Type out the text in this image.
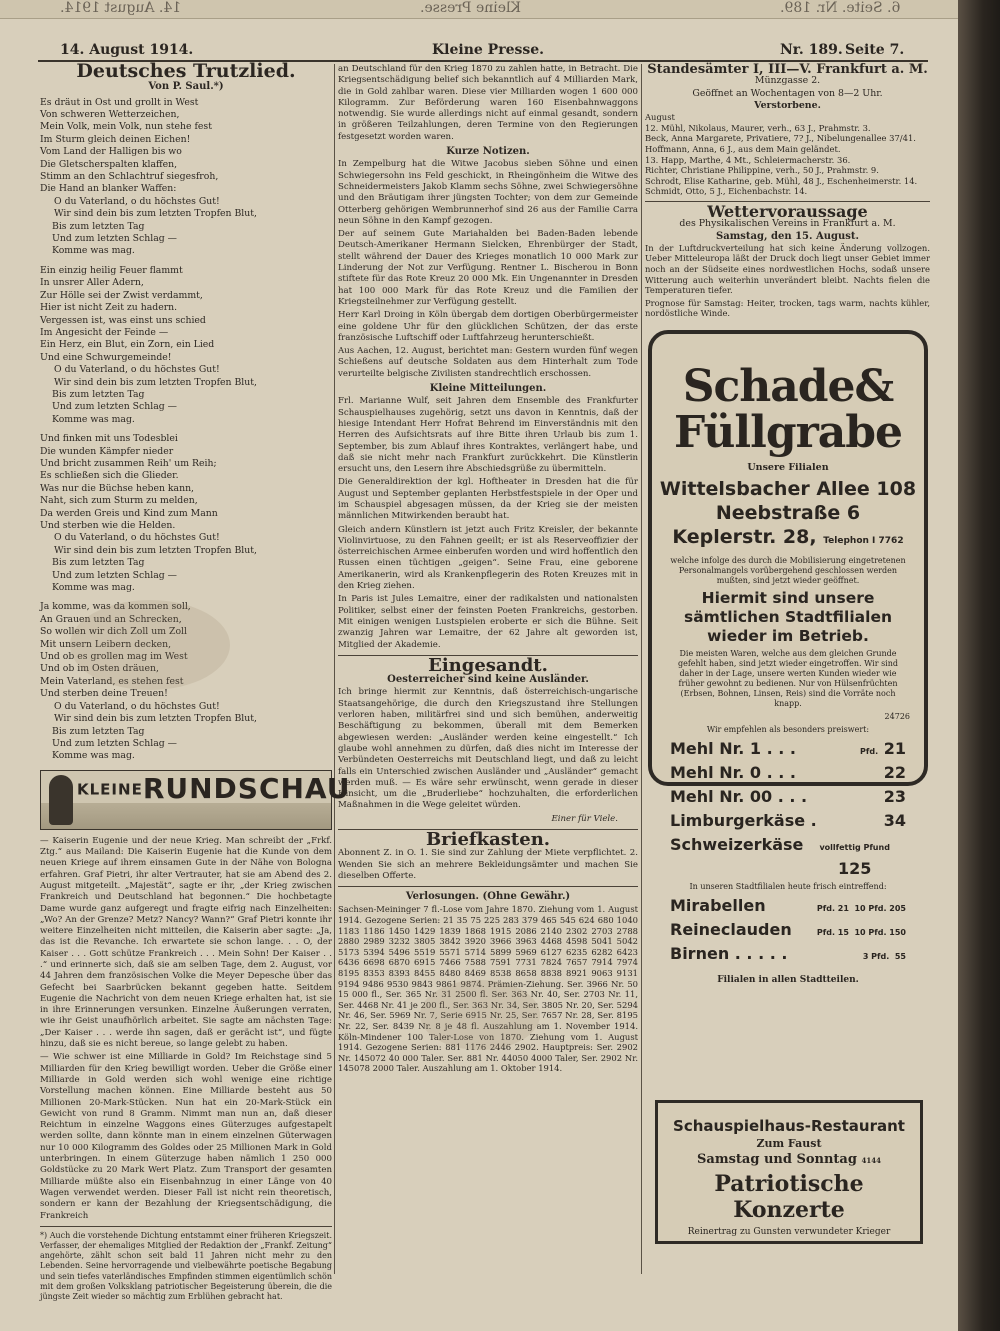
14. August 1914.	Kleine Presse.	6. Seite. Nr. 189.
14. August 1914.	Kleine Presse.	Nr. 189. Seite 7.
Deutsches Trutzlied.
Von P. Saul.*)
Es dräut in Ost und grollt in West
Von schweren Wetterzeichen,
Mein Volk, mein Volk, nun stehe fest
Im Sturm gleich deinen Eichen!
Vom Land der Halligen bis wo
Die Gletscherspalten klaffen,
Stimm an den Schlachtruf siegesfroh,
Die Hand an blanker Waffen:
O du Vaterland, o du höchstes Gut!
Wir sind dein bis zum letzten Tropfen Blut,
Bis zum letzten Tag
Und zum letzten Schlag —
Komme was mag.
Ein einzig heilig Feuer flammt
In unsrer Aller Adern,
Zur Hölle sei der Zwist verdammt,
Hier ist nicht Zeit zu hadern.
Vergessen ist, was einst uns schied
Im Angesicht der Feinde —
Ein Herz, ein Blut, ein Zorn, ein Lied
Und eine Schwurgemeinde!
O du Vaterland, o du höchstes Gut!
Wir sind dein bis zum letzten Tropfen Blut,
Bis zum letzten Tag
Und zum letzten Schlag —
Komme was mag.
Und finken mit uns Todesblei
Die wunden Kämpfer nieder
Und bricht zusammen Reih' um Reih;
Es schließen sich die Glieder.
Was nur die Büchse heben kann,
Naht, sich zum Sturm zu melden,
Da werden Greis und Kind zum Mann
Und sterben wie die Helden.
O du Vaterland, o du höchstes Gut!
Wir sind dein bis zum letzten Tropfen Blut,
Bis zum letzten Tag
Und zum letzten Schlag —
Komme was mag.
Ja komme, was da kommen soll,
An Grauen und an Schrecken,
So wollen wir dich Zoll um Zoll
Mit unsern Leibern decken,
Und ob es grollen mag im West
Und ob im Osten dräuen,
Mein Vaterland, es stehen fest
Und sterben deine Treuen!
O du Vaterland, o du höchstes Gut!
Wir sind dein bis zum letzten Tropfen Blut,
Bis zum letzten Tag
Und zum letzten Schlag —
Komme was mag.
KLEINERUNDSCHAU

— Kaiserin Eugenie und der neue Krieg. Man schreibt der „Frkf. Ztg.“ aus Mailand: Die Kaiserin Eugenie hat die Kunde von dem neuen Kriege auf ihrem einsamen Gute in der Nähe von Bologna erfahren. Graf Pietri, ihr alter Vertrauter, hat sie am Abend des 2. August mitgeteilt. „Majestät“, sagte er ihr, „der Krieg zwischen Frankreich und Deutschland hat begonnen.“ Die hochbetagte Dame wurde ganz aufgeregt und fragte eifrig nach Einzelheiten: „Wo? An der Grenze? Metz? Nancy? Wann?“ Graf Pietri konnte ihr weitere Einzelheiten nicht mitteilen, die Kaiserin aber sagte: „Ja, das ist die Revanche. Ich erwartete sie schon lange. . . O, der Kaiser . . . Gott schütze Frankreich . . . Mein Sohn! Der Kaiser . . .“ und erinnerte sich, daß sie am selben Tage, dem 2. August, vor 44 Jahren dem französischen Volke die Meyer Depesche über das Gefecht bei Saarbrücken bekannt gegeben hatte. Seitdem Eugenie die Nachricht von dem neuen Kriege erhalten hat, ist sie in ihre Erinnerungen versunken. Einzelne Äußerungen verraten, wie ihr Geist unaufhörlich arbeitet. Sie sagte am nächsten Tage: „Der Kaiser . . . werde ihn sagen, daß er gerächt ist“, und fügte hinzu, daß sie es nicht bereue, so lange gelebt zu haben.

— Wie schwer ist eine Milliarde in Gold? Im Reichstage sind 5 Milliarden für den Krieg bewilligt worden. Ueber die Größe einer Milliarde in Gold werden sich wohl wenige eine richtige Vorstellung machen können. Eine Milliarde besteht aus 50 Millionen 20-Mark-Stücken. Nun hat ein 20-Mark-Stück ein Gewicht von rund 8 Gramm. Nimmt man nun an, daß dieser Reichtum in einzelne Waggons eines Güterzuges aufgestapelt werden sollte, dann könnte man in einem einzelnen Güterwagen nur 10 000 Kilogramm des Goldes oder 25 Millionen Mark in Gold unterbringen. In einem Güterzuge haben nämlich 1 250 000 Goldstücke zu 20 Mark Wert Platz. Zum Transport der gesamten Milliarde müßte also ein Eisenbahnzug in einer Länge von 40 Wagen verwendet werden. Dieser Fall ist nicht rein theoretisch, sondern er kann der Bezahlung der Kriegsentschädigung, die Frankreich

*) Auch die vorstehende Dichtung entstammt einer früheren Kriegszeit. Verfasser, der ehemaliges Mitglied der Redaktion der „Frankf. Zeitung“ angehörte, zählt schon seit bald 11 Jahren nicht mehr zu den Lebenden. Seine hervorragende und vielbewährte poetische Begabung und sein tiefes vaterländisches Empfinden stimmen eigentümlich schön mit dem großen Volksklang patriotischer Begeisterung überein, die die jüngste Zeit wieder so mächtig zum Erblühen gebracht hat.

an Deutschland für den Krieg 1870 zu zahlen hatte, in Betracht. Die Kriegsentschädigung belief sich bekanntlich auf 4 Milliarden Mark, die in Gold zahlbar waren. Diese vier Milliarden wogen 1 600 000 Kilogramm. Zur Beförderung waren 160 Eisenbahnwaggons notwendig. Sie wurde allerdings nicht auf einmal gesandt, sondern in größeren Teilzahlungen, deren Termine von den Regierungen festgesetzt worden waren.

Kurze Notizen.

In Zempelburg hat die Witwe Jacobus sieben Söhne und einen Schwiegersohn ins Feld geschickt, in Rheingönheim die Witwe des Schneidermeisters Jakob Klamm sechs Söhne, zwei Schwiegersöhne und den Bräutigam ihrer jüngsten Tochter; von dem zur Gemeinde Otterberg gehörigen Wembrunnerhof sind 26 aus der Familie Carra neun Söhne in den Kampf gezogen.

Der auf seinem Gute Mariahalden bei Baden-Baden lebende Deutsch-Amerikaner Hermann Sielcken, Ehrenbürger der Stadt, stellt während der Dauer des Krieges monatlich 10 000 Mark zur Linderung der Not zur Verfügung. Rentner L. Bischerou in Bonn stiftete für das Rote Kreuz 20 000 Mk. Ein Ungenannter in Dresden hat 100 000 Mark für das Rote Kreuz und die Familien der Kriegsteilnehmer zur Verfügung gestellt.

Herr Karl Droing in Köln übergab dem dortigen Oberbürgermeister eine goldene Uhr für den glücklichen Schützen, der das erste französische Luftschiff oder Luftfahrzeug herunterschießt.

Aus Aachen, 12. August, berichtet man: Gestern wurden fünf wegen Schießens auf deutsche Soldaten aus dem Hinterhalt zum Tode verurteilte belgische Zivilisten standrechtlich erschossen.

Kleine Mitteilungen.

Frl. Marianne Wulf, seit Jahren dem Ensemble des Frankfurter Schauspielhauses zugehörig, setzt uns davon in Kenntnis, daß der hiesige Intendant Herr Hofrat Behrend im Einverständnis mit den Herren des Aufsichtsrats auf ihre Bitte ihren Urlaub bis zum 1. September, bis zum Ablauf ihres Kontraktes, verlängert habe, und daß sie nicht mehr nach Frankfurt zurückkehrt. Die Künstlerin ersucht uns, den Lesern ihre Abschiedsgrüße zu übermitteln.

Die Generaldirektion der kgl. Hoftheater in Dresden hat die für August und September geplanten Herbstfestspiele in der Oper und im Schauspiel abgesagen müssen, da der Krieg sie der meisten männlichen Mitwirkenden beraubt hat.

Gleich andern Künstlern ist jetzt auch Fritz Kreisler, der bekannte Violinvirtuose, zu den Fahnen geeilt; er ist als Reserveoffizier der österreichischen Armee einberufen worden und wird hoffentlich den Russen einen tüchtigen „geigen“. Seine Frau, eine geborene Amerikanerin, wird als Krankenpflegerin des Roten Kreuzes mit in den Krieg ziehen.

In Paris ist Jules Lemaitre, einer der radikalsten und nationalsten Politiker, selbst einer der feinsten Poeten Frankreichs, gestorben. Mit einigen wenigen Lustspielen eroberte er sich die Bühne. Seit zwanzig Jahren war Lemaitre, der 62 Jahre alt geworden ist, Mitglied der Akademie.

Eingesandt.
Oesterreicher sind keine Ausländer.

Ich bringe hiermit zur Kenntnis, daß österreichisch-ungarische Staatsangehörige, die durch den Kriegszustand ihre Stellungen verloren haben, militärfrei sind und sich bemühen, anderweitig Beschäftigung zu bekommen, überall mit dem Bemerken abgewiesen werden: „Ausländer werden keine eingestellt.“ Ich glaube wohl annehmen zu dürfen, daß dies nicht im Interesse der Verbündeten Oesterreichs mit Deutschland liegt, und daß zu leicht falls ein Unterschied zwischen Ausländer und „Ausländer“ gemacht werden muß. — Es wäre sehr erwünscht, wenn gerade in dieser Hinsicht, um die „Bruderliebe“ hochzuhalten, die erforderlichen Maßnahmen in die Wege geleitet würden.

Einer für Viele.
Briefkasten.

Abonnent Z. in O. 1. Sie sind zur Zahlung der Miete verpflichtet. 2. Wenden Sie sich an mehrere Bekleidungsämter und machen Sie dieselben Offerte.

Verlosungen. (Ohne Gewähr.)

Sachsen-Meininger 7 fl.-Lose vom Jahre 1870. Ziehung vom 1. August 1914. Gezogene Serien: 21 35 75 225 283 379 465 545 624 680 1040 1183 1186 1450 1429 1839 1868 1915 2086 2140 2302 2703 2788 2880 2989 3232 3805 3842 3920 3966 3963 4468 4598 5041 5042 5173 5394 5496 5519 5571 5714 5899 5969 6127 6235 6282 6423 6436 6698 6870 6915 7466 7588 7591 7731 7824 7657 7914 7974 8195 8353 8393 8455 8480 8469 8538 8658 8838 8921 9063 9131 9194 9486 9530 9843 9861 9874. Prämien-Ziehung. Ser. 3966 Nr. 50 15 000 fl., Ser. 365 Nr. 31 2500 fl. Ser. 363 Nr. 40, Ser. 2703 Nr. 11, Ser. 4468 Nr. 41 je 200 fl., Ser. 363 Nr. 34, Ser. 3805 Nr. 20, Ser. 5294 Nr. 46, Ser. 5969 Nr. 7, Serie 6915 Nr. 25, Ser. 7657 Nr. 28, Ser. 8195 Nr. 22, Ser. 8439 Nr. 8 je 48 fl. Auszahlung am 1. November 1914. Köln-Mindener 100 Taler-Lose von 1870. Ziehung vom 1. August 1914. Gezogene Serien: 881 1176 2446 2902. Hauptpreis: Ser. 2902 Nr. 145072 40 000 Taler. Ser. 881 Nr. 44050 4000 Taler, Ser. 2902 Nr. 145078 2000 Taler. Auszahlung am 1. Oktober 1914.

Standesämter I, III—V. Frankfurt a. M.
Münzgasse 2.
Geöffnet an Wochentagen von 8—2 Uhr.
Verstorbene.
August
12. Mühl, Nikolaus, Maurer, verh., 63 J., Prahmstr. 3.
Beck, Anna Margarete, Privatiere, 7? J., Nibelungenallee 37/41.
Hoffmann, Anna, 6 J., aus dem Main geländet.
13. Happ, Marthe, 4 Mt., Schleiermacherstr. 36.
Richter, Christiane Philippine, verh., 50 J., Prahmstr. 9.
Schrodt, Elise Katharine, geb. Mühl, 48 J., Eschenheimerstr. 14.
Schmidt, Otto, 5 J., Eichenbachstr. 14.
Wettervoraussage
des Physikalischen Vereins in Frankfurt a. M.
Samstag, den 15. August.

In der Luftdruckverteilung hat sich keine Änderung vollzogen. Ueber Mitteleuropa läßt der Druck doch liegt unser Gebiet immer noch an der Südseite eines nordwestlichen Hochs, sodaß unsere Witterung auch weiterhin unverändert bleibt. Nachts fielen die Temperaturen tiefer.

Prognose für Samstag: Heiter, trocken, tags warm, nachts kühler, nordöstliche Winde.

Schade&
Füllgrabe
Unsere Filialen
Wittelsbacher Allee 108
Neebstraße 6
Keplerstr. 28, Telephon I 7762
welche infolge des durch die Mobilisierung eingetretenen Personalmangels vorübergehend geschlossen werden mußten, sind jetzt wieder geöffnet.
Hiermit sind unsere sämtlichen Stadtfilialen wieder im Betrieb.
Die meisten Waren, welche aus dem gleichen Grunde gefehlt haben, sind jetzt wieder eingetroffen. Wir sind daher in der Lage, unsere werten Kunden wieder wie früher gewohnt zu bedienen. Nur von Hülsenfrüchten (Erbsen, Bohnen, Linsen, Reis) sind die Vorräte noch knapp.
24726
Wir empfehlen als besonders preiswert:
Mehl Nr. 1 . . .	Pfd. 21
Mehl Nr. 0 . . .	22
Mehl Nr. 00 . . .	23
Limburgerkäse .	34
Schweizerkäse	vollfettig Pfund 125
In unseren Stadtfilialen heute frisch eintreffend:
Mirabellen	Pfd. 21 10 Pfd. 205
Reineclauden	Pfd. 15 10 Pfd. 150
Birnen . . . . .	3 Pfd. 55
Filialen in allen Stadtteilen.
Schauspielhaus-Restaurant
Zum Faust
Samstag und Sonntag 4144
Patriotische Konzerte
Reinertrag zu Gunsten verwundeter Krieger
